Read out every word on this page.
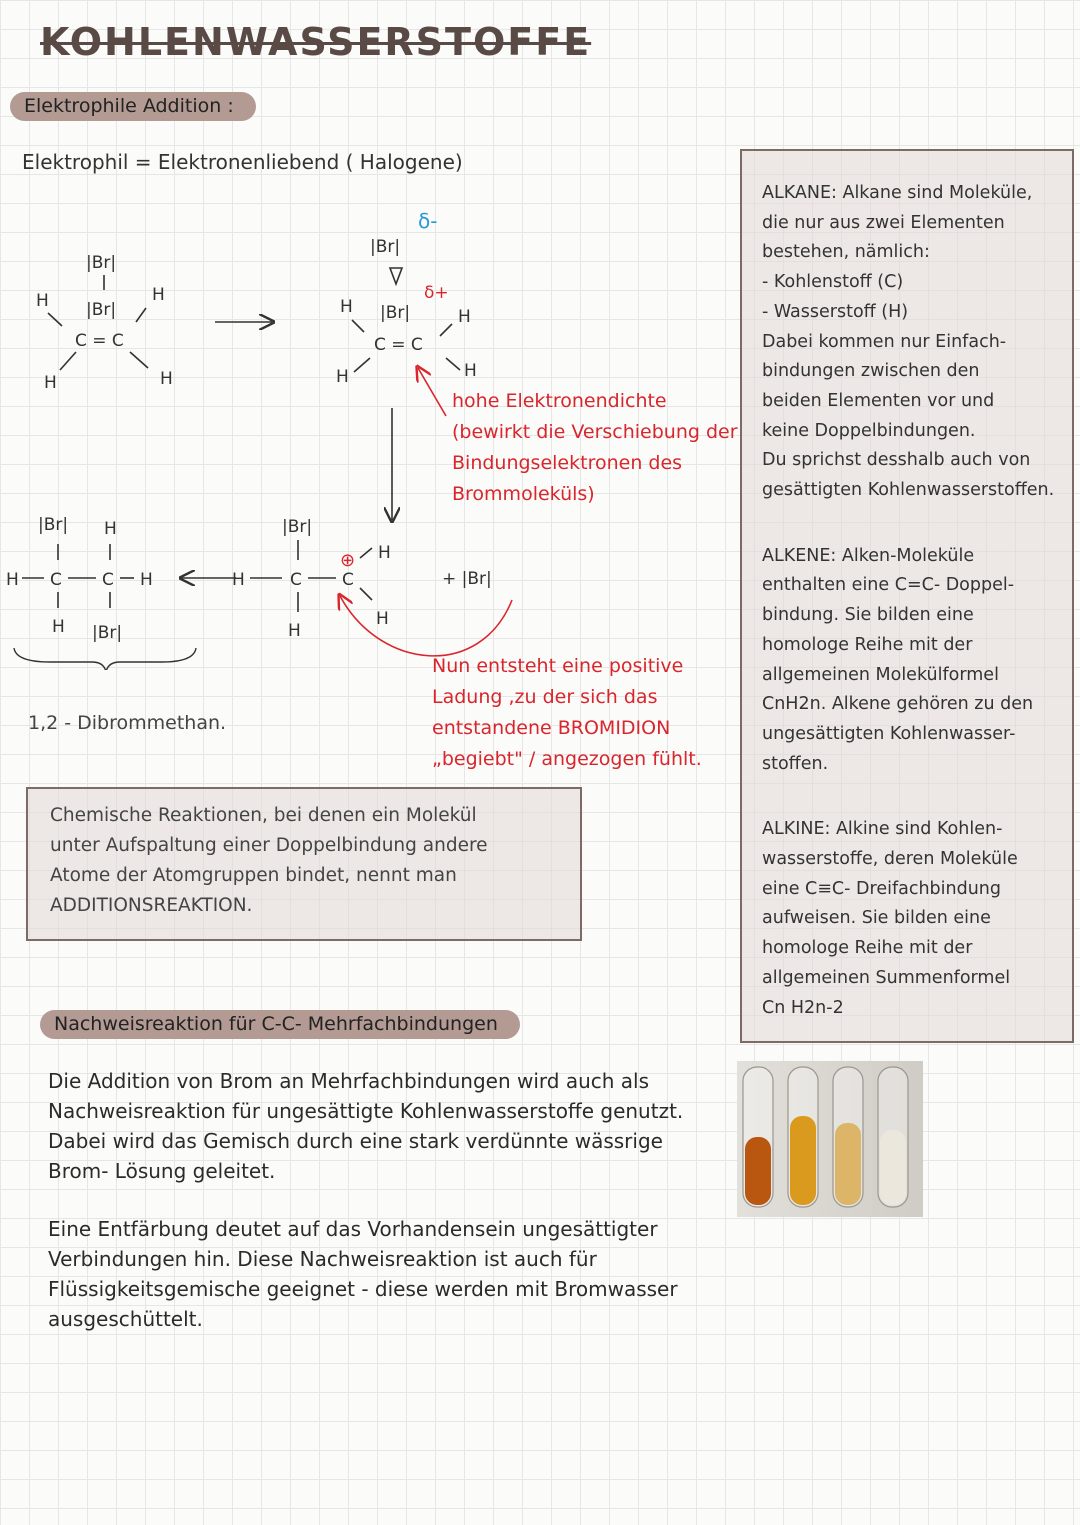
KOHLENWASSERSTOFFE
Elektrophile Addition :
Elektrophil = Elektronenliebend ( Halogene)
|Br|
|Br|
H	H
C = C
H	H
|Br|
δ-
|Br|
δ+
H	H
C = C
H	H
|Br|
H	C C
⊕ H
H
H
+ |Br|
|Br| H
H C C H
H |Br|
hohe Elektronendichte
(bewirkt die Verschiebung der
Bindungselektronen des
Brommoleküls)
Nun entsteht eine positive
Ladung ,zu der sich das
entstandene BROMIDION
„begiebt" / angezogen fühlt.
1,2 - Dibrommethan.
Chemische Reaktionen, bei denen ein Molekül
unter Aufspaltung einer Doppelbindung andere
Atome der Atomgruppen bindet, nennt man
ADDITIONSREAKTION.
ALKANE: Alkane sind Moleküle,
die nur aus zwei Elementen
bestehen, nämlich:
- Kohlenstoff (C)
- Wasserstoff (H)
Dabei kommen nur Einfach-
bindungen zwischen den
beiden Elementen vor und
keine Doppelbindungen.
Du sprichst desshalb auch von
gesättigten Kohlenwasserstoffen.
ALKENE: Alken-Moleküle
enthalten eine C=C- Doppel-
bindung. Sie bilden eine
homologe Reihe mit der
allgemeinen Molekülformel
CnH2n. Alkene gehören zu den
ungesättigten Kohlenwasser-
stoffen.
ALKINE: Alkine sind Kohlen-
wasserstoffe, deren Moleküle
eine C≡C- Dreifachbindung
aufweisen. Sie bilden eine
homologe Reihe mit der
allgemeinen Summenformel
Cn H2n-2
Nachweisreaktion für C-C- Mehrfachbindungen
Die Addition von Brom an Mehrfachbindungen wird auch als
Nachweisreaktion für ungesättigte Kohlenwasserstoffe genutzt.
Dabei wird das Gemisch durch eine stark verdünnte wässrige
Brom- Lösung geleitet.
Eine Entfärbung deutet auf das Vorhandensein ungesättigter
Verbindungen hin. Diese Nachweisreaktion ist auch für
Flüssigkeitsgemische geeignet - diese werden mit Bromwasser
ausgeschüttelt.
